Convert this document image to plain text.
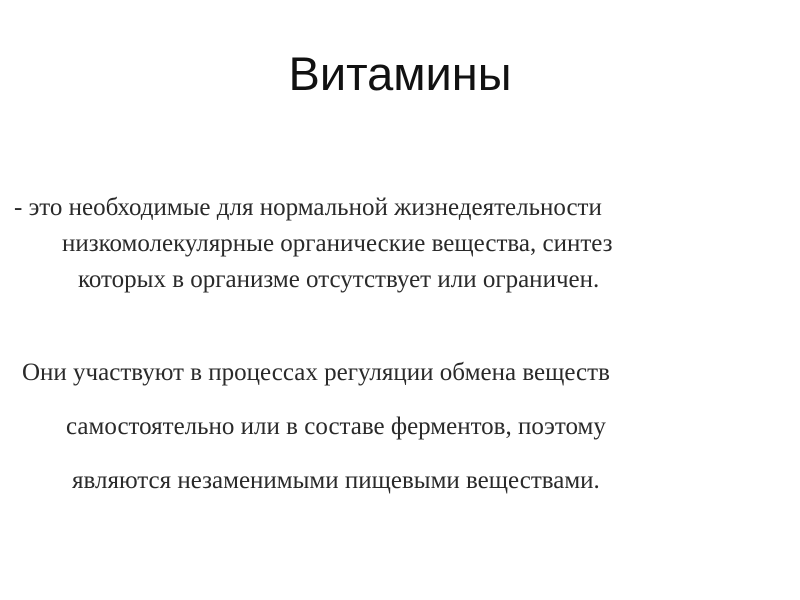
Витамины

- это необходимые для нормальной жизнедеятельности

низкомолекулярные органические вещества, синтез

которых в организме отсутствует или ограничен.

Они участвуют в процессах регуляции обмена веществ

самостоятельно или в составе ферментов, поэтому

являются незаменимыми пищевыми веществами.
